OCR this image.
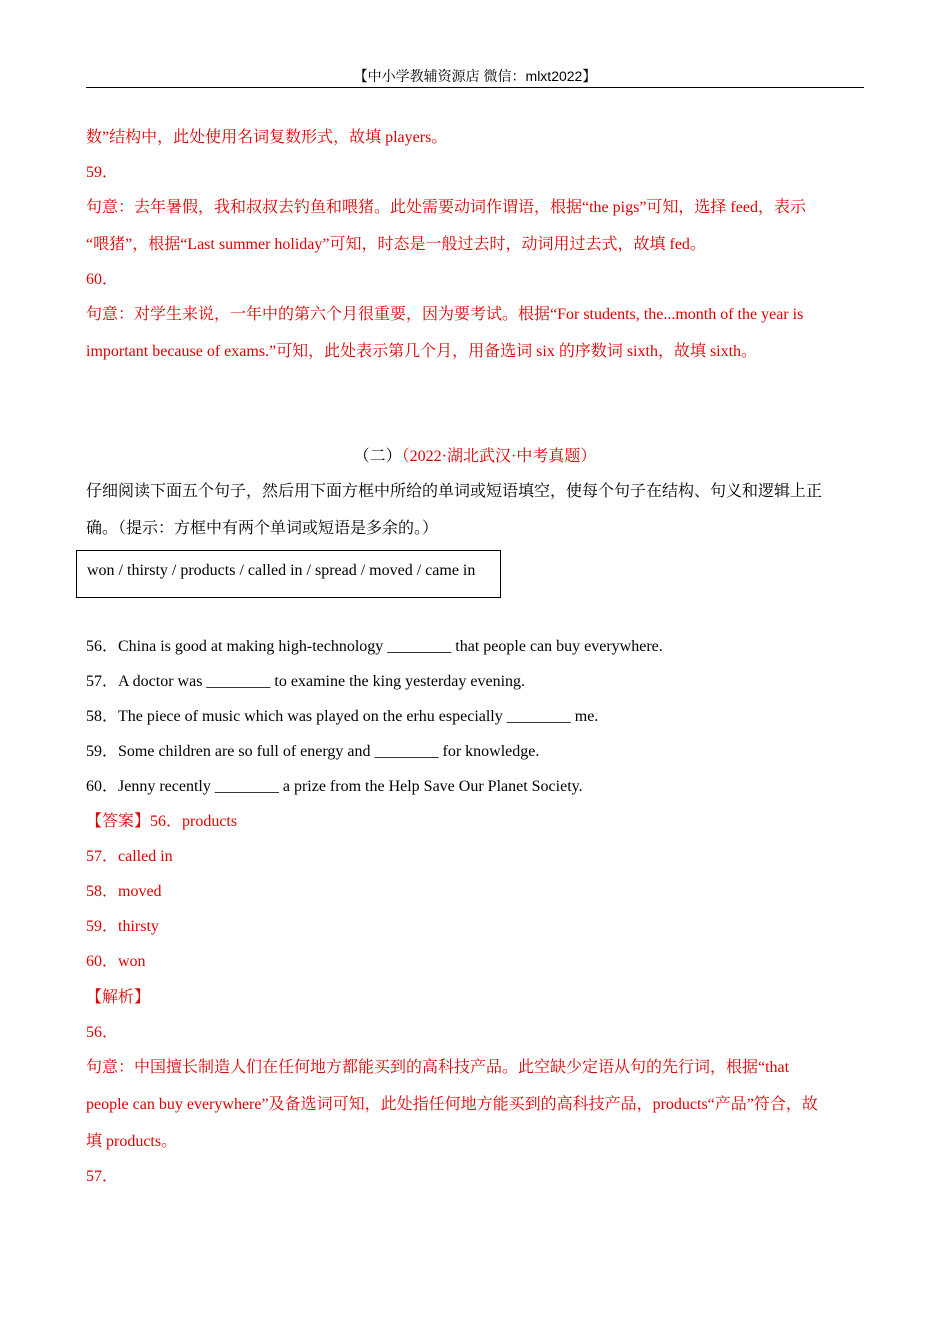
【中小学教辅资源店 微信：mlxt2022】
数”结构中，此处使用名词复数形式，故填 players。
59．
句意：去年暑假，我和叔叔去钓鱼和喂猪。此处需要动词作谓语，根据“the pigs”可知，选择 feed，表示
“喂猪”，根据“Last summer holiday”可知，时态是一般过去时，动词用过去式，故填 fed。
60．
句意：对学生来说，一年中的第六个月很重要，因为要考试。根据“For students, the...month of the year is
important because of exams.”可知，此处表示第几个月，用备选词 six 的序数词 sixth，故填 sixth。
（二）（2022·湖北武汉·中考真题）
仔细阅读下面五个句子，然后用下面方框中所给的单词或短语填空，使每个句子在结构、句义和逻辑上正
确。（提示：方框中有两个单词或短语是多余的。）
won / thirsty / products / called in / spread / moved / came in
56．China is good at making high-technology ________ that people can buy everywhere.
57．A doctor was ________ to examine the king yesterday evening.
58．The piece of music which was played on the erhu especially ________ me.
59．Some children are so full of energy and ________ for knowledge.
60．Jenny recently ________ a prize from the Help Save Our Planet Society.
【答案】56．products
57．called in
58．moved
59．thirsty
60．won
【解析】
56．
句意：中国擅长制造人们在任何地方都能买到的高科技产品。此空缺少定语从句的先行词，根据“that
people can buy everywhere”及备选词可知，此处指任何地方能买到的高科技产品，products“产品”符合，故
填 products。
57．
